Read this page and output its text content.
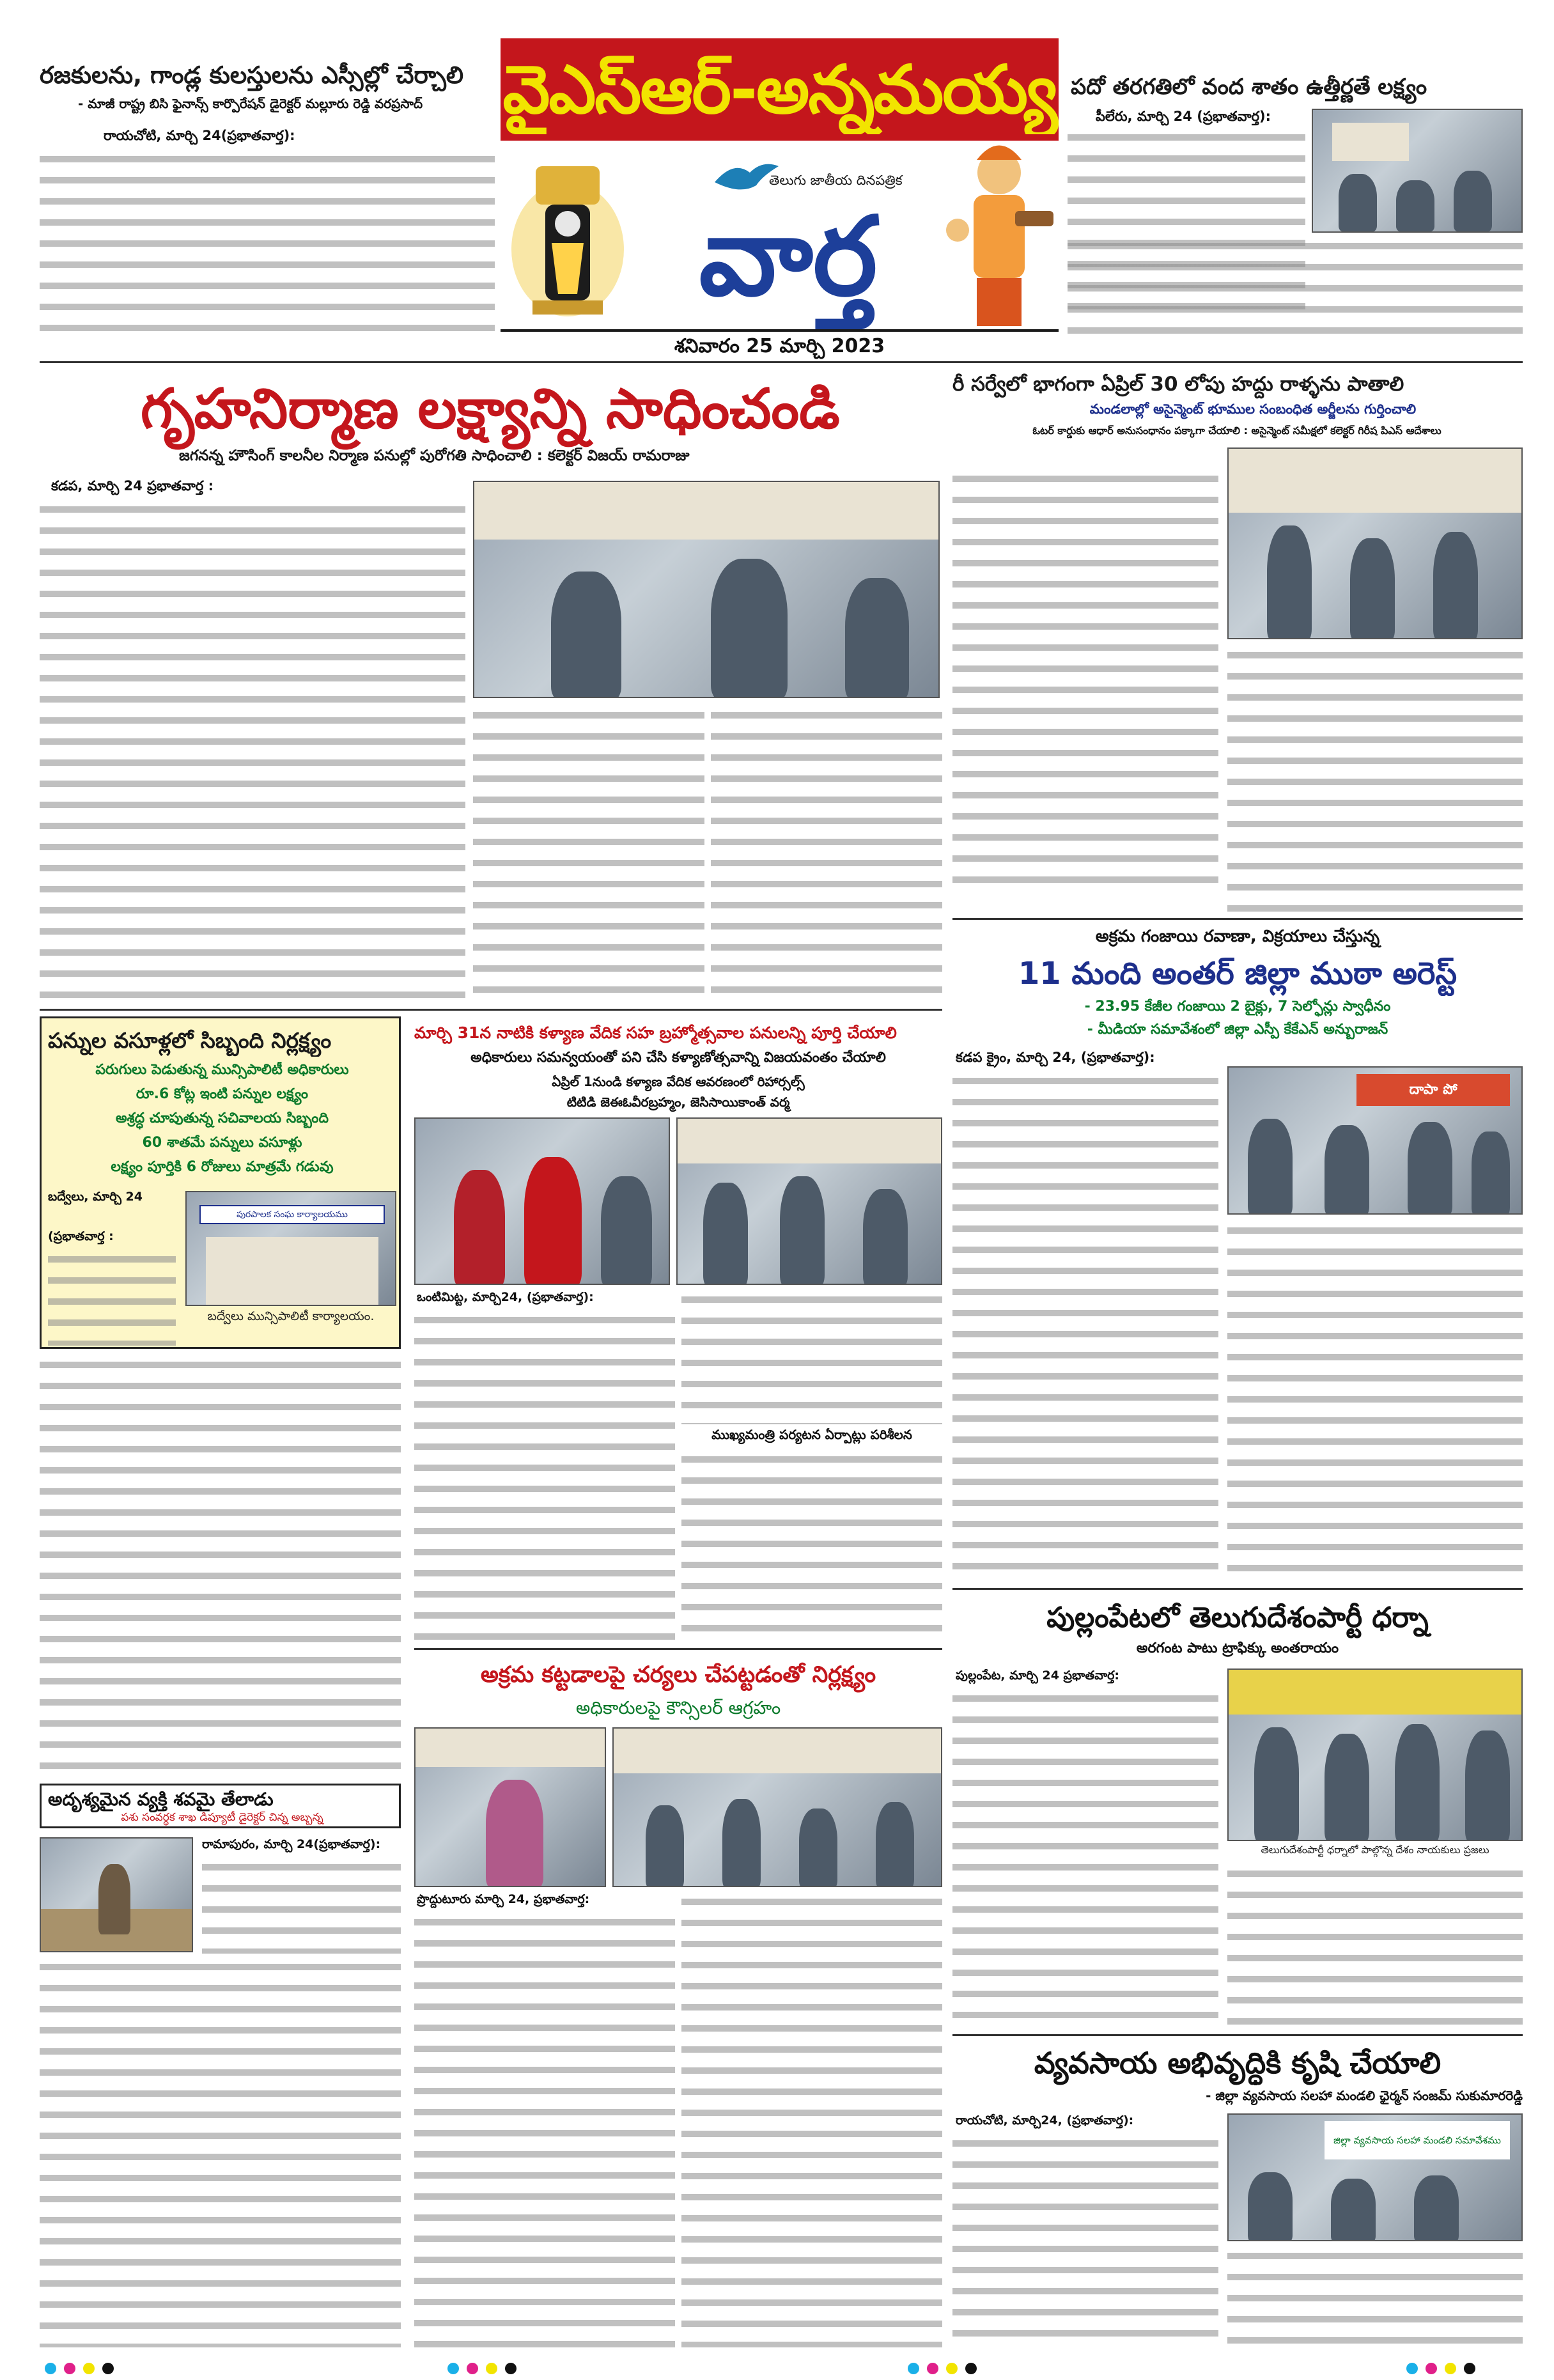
వైఎస్ఆర్-అన్నమయ్య
తెలుగు జాతీయ దినపత్రిక
వార్త
శనివారం 25 మార్చి 2023
రజకులను, గాండ్ల కులస్తులను ఎస్సీల్లో చేర్చాలి
- మాజీ రాష్ట్ర బిసి ఫైనాన్స్ కార్పొరేషన్ డైరెక్టర్ మల్లూరు రెడ్డి వరప్రసాద్
రాయచోటి, మార్చి 24(ప్రభాతవార్త):
పదో తరగతిలో వంద శాతం ఉత్తీర్ణతే లక్ష్యం
పీలేరు, మార్చి 24 (ప్రభాతవార్త):
గృహనిర్మాణ లక్ష్యాన్ని సాధించండి
జగనన్న హౌసింగ్ కాలనీల నిర్మాణ పనుల్లో పురోగతి సాధించాలి : కలెక్టర్ విజయ్ రామరాజు
కడప, మార్చి 24 ప్రభాతవార్త :
రీ సర్వేలో భాగంగా ఏప్రిల్ 30 లోపు హద్దు రాళ్ళను పాతాలి
మండలాల్లో అసైన్మెంట్ భూముల సంబంధిత అర్జీలను గుర్తించాలి
ఓటర్ కార్డుకు ఆధార్ అనుసంధానం పక్కాగా చేయాలి : అసైన్మెంట్ సమీక్షలో కలెక్టర్ గిరీష పిఎస్ ఆదేశాలు
పన్నుల వసూళ్లలో సిబ్బంది నిర్లక్ష్యం
పరుగులు పెడుతున్న మున్సిపాలిటీ అధికారులు
రూ.6 కోట్ల ఇంటి పన్నుల లక్ష్యం
అశ్రద్ధ చూపుతున్న సచివాలయ సిబ్బంది
60 శాతమే పన్నులు వసూళ్లు
లక్ష్యం పూర్తికి 6 రోజులు మాత్రమే గడువు
బద్వేలు, మార్చి 24
(ప్రభాతవార్త :
పురపాలక సంఘ కార్యాలయము
బద్వేలు మున్సిపాలిటీ కార్యాలయం.
మార్చి 31న నాటికి కళ్యాణ వేదిక సహ బ్రహ్మోత్సవాల పనులన్ని పూర్తి చేయాలి
అధికారులు సమన్వయంతో పని చేసి కళ్యాణోత్సవాన్ని విజయవంతం చేయాలి
ఏప్రిల్ 1నుండి కళ్యాణ వేదిక ఆవరణంలో రిహార్సల్స్
టిటిడి జెఈఓవీరబ్రహ్మం, జెసిసాయికాంత్ వర్మ
ఒంటిమిట్ట, మార్చి24, (ప్రభాతవార్త):
ముఖ్యమంత్రి పర్యటన ఏర్పాట్లు పరిశీలన
అక్రమ గంజాయి రవాణా, విక్రయాలు చేస్తున్న
11 మంది అంతర్ జిల్లా ముఠా అరెస్ట్
- 23.95 కేజీల గంజాయి 2 బైక్లు, 7 సెల్ఫోన్లు స్వాధీనం
- మీడియా సమావేశంలో జిల్లా ఎస్పీ కేకేఎన్ అన్బురాజన్
కడప క్రైం, మార్చి 24, (ప్రభాతవార్త):
దాపా పో
అదృశ్యమైన వ్యక్తి శవమై తేలాడు
పశు సంవర్ధక శాఖ డిప్యూటీ డైరెక్టర్ చిన్న అబ్బన్న
రామాపురం, మార్చి 24(ప్రభాతవార్త):
అక్రమ కట్టడాలపై చర్యలు చేపట్టడంతో నిర్లక్ష్యం
అధికారులపై కౌన్సిలర్ ఆగ్రహం
ప్రొద్దుటూరు మార్చి 24, ప్రభాతవార్త:
పుల్లంపేటలో తెలుగుదేశంపార్టీ ధర్నా
అరగంట పాటు ట్రాఫిక్కు అంతరాయం
పుల్లంపేట, మార్చి 24 ప్రభాతవార్త:
తెలుగుదేశంపార్టీ ధర్నాలో పాల్గొన్న దేశం నాయకులు ప్రజలు
వ్యవసాయ అభివృద్ధికి కృషి చేయాలి
- జిల్లా వ్యవసాయ సలహా మండలి ఛైర్మన్ సంజమ్ సుకుమారరెడ్డి
రాయచోటి, మార్చి24, (ప్రభాతవార్త):
జిల్లా వ్యవసాయ సలహా మండలి సమావేశము
